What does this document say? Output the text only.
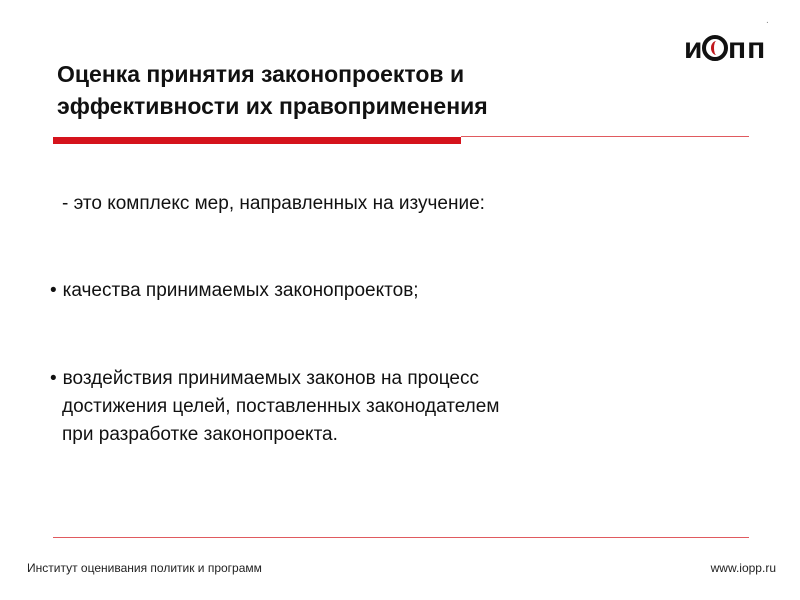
и пп
.
Оценка принятия законопроектов и
эффективности их правоприменения
- это комплекс мер, направленных на изучение:
• качества принимаемых законопроектов;
• воздействия принимаемых законов на процесс
достижения целей, поставленных законодателем
при разработке законопроекта.
Институт оценивания политик и программ	www.iopp.ru
